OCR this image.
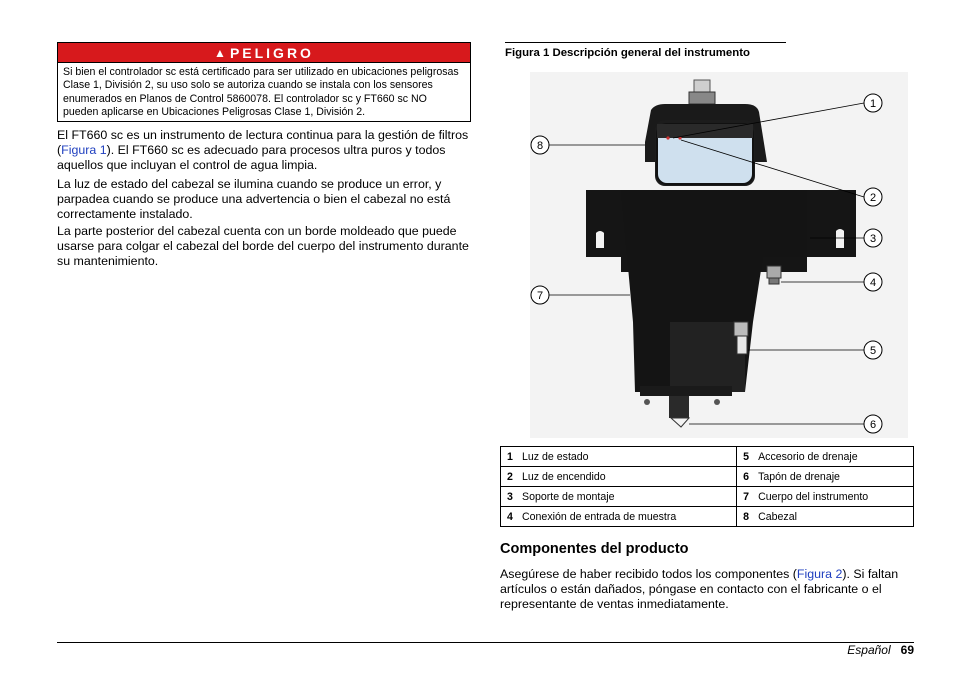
▲ PELIGRO
Si bien el controlador sc está certificado para ser utilizado en ubicaciones peligrosas Clase 1, División 2, su uso solo se autoriza cuando se instala con los sensores enumerados en Planos de Control 5860078. El controlador sc y FT660 sc NO pueden aplicarse en Ubicaciones Peligrosas Clase 1, División 2.
El FT660 sc es un instrumento de lectura continua para la gestión de filtros (Figura 1). El FT660 sc es adecuado para procesos ultra puros y todos aquellos que incluyan el control de agua limpia.
La luz de estado del cabezal se ilumina cuando se produce un error, y parpadea cuando se produce una advertencia o bien el cabezal no está correctamente instalado.
La parte posterior del cabezal cuenta con un borde moldeado que puede usarse para colgar el cabezal del borde del cuerpo del instrumento durante su mantenimiento.
Figura 1 Descripción general del instrumento
1
2
3
4
5
6
7
8
1 Luz de estado	5 Accesorio de drenaje
2 Luz de encendido	6 Tapón de drenaje
3 Soporte de montaje	7 Cuerpo del instrumento
4 Conexión de entrada de muestra	8 Cabezal
Componentes del producto
Asegúrese de haber recibido todos los componentes (Figura 2). Si faltan artículos o están dañados, póngase en contacto con el fabricante o el representante de ventas inmediatamente.
Español 69
